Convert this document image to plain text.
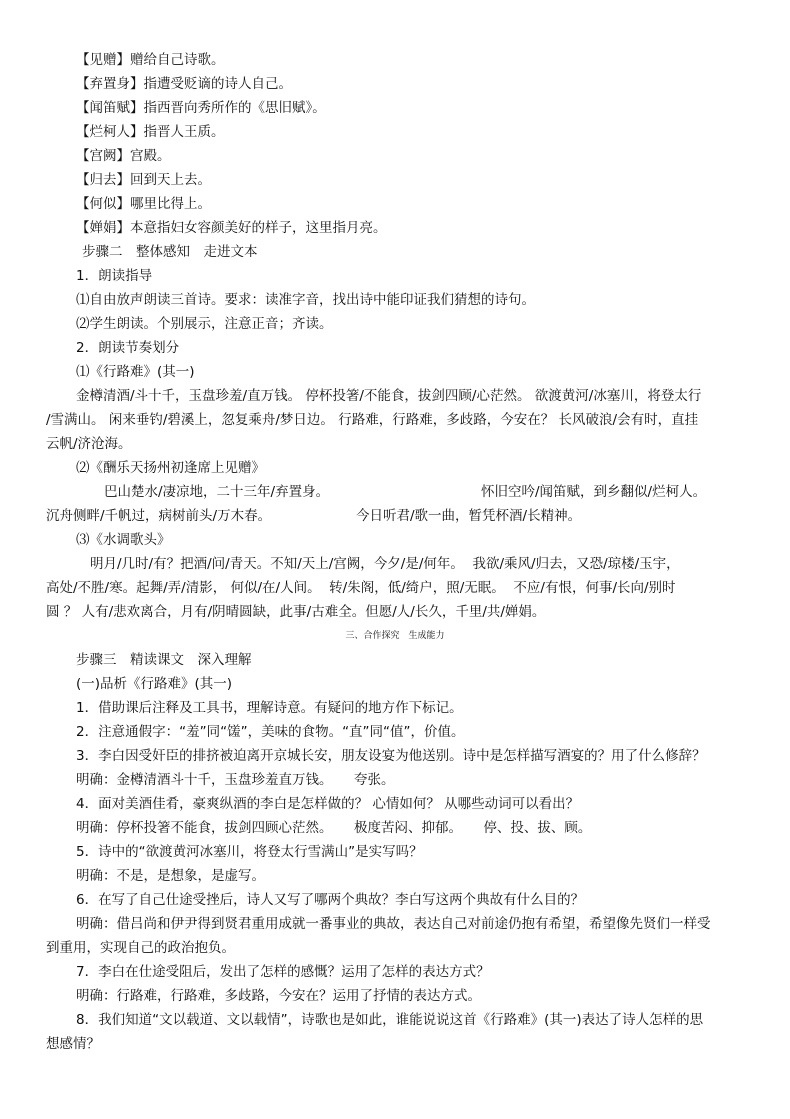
【见赠】赠给自己诗歌。
【弃置身】指遭受贬谪的诗人自己。
【闻笛赋】指西晋向秀所作的《思旧赋》。
【烂柯人】指晋人王质。
【宫阙】宫殿。
【归去】回到天上去。
【何似】哪里比得上。
【婵娟】本意指妇女容颜美好的样子，这里指月亮。
步骤二　整体感知　走进文本
1．朗读指导
⑴自由放声朗读三首诗。要求：读准字音，找出诗中能印证我们猜想的诗句。
⑵学生朗读。个别展示，注意正音；齐读。
2．朗读节奏划分
⑴《行路难》(其一)
金樽清酒/斗十千，玉盘珍羞/直万钱。 停杯投箸/不能食，拔剑四顾/心茫然。 欲渡黄河/冰塞川，将登太行
/雪满山。 闲来垂钓/碧溪上，忽复乘舟/梦日边。 行路难，行路难，多歧路，今安在？ 长风破浪/会有时，直挂
云帆/济沧海。
⑵《酬乐天扬州初逢席上见赠》
巴山楚水/凄凉地，二十三年/弃置身。	怀旧空吟/闻笛赋，到乡翻似/烂柯人。
沉舟侧畔/千帆过，病树前头/万木春。	今日听君/歌一曲，暂凭杯酒/长精神。
⑶《水调歌头》
明月/几时/有？把酒/问/青天。不知/天上/宫阙，今夕/是/何年。  我欲/乘风/归去，又恐/琼楼/玉宇，
高处/不胜/寒。起舞/弄/清影， 何似/在/人间。  转/朱阁，低/绮户，照/无眠。  不应/有恨，何事/长向/别时
圆 ？ 人有/悲欢离合，月有/阴晴圆缺，此事/古难全。但愿/人/长久，千里/共/婵娟。
三、合作探究　生成能力
步骤三　精读课文　深入理解
(一)品析《行路难》(其一)
1．借助课后注释及工具书，理解诗意。有疑问的地方作下标记。
2．注意通假字：“羞”同“馐”，美味的食物。“直”同“值”，价值。
3．李白因受奸臣的排挤被迫离开京城长安，朋友设宴为他送别。诗中是怎样描写酒宴的？用了什么修辞？
明确：金樽清酒斗十千，玉盘珍羞直万钱。     夸张。
4．面对美酒佳肴，豪爽纵酒的李白是怎样做的？ 心情如何？ 从哪些动词可以看出？
明确：停杯投箸不能食，拔剑四顾心茫然。     极度苦闷、抑郁。     停、投、拔、顾。
5．诗中的“欲渡黄河冰塞川，将登太行雪满山”是实写吗？
明确：不是，是想象，是虚写。
6．在写了自己仕途受挫后，诗人又写了哪两个典故？李白写这两个典故有什么目的？
明确：借吕尚和伊尹得到贤君重用成就一番事业的典故，表达自己对前途仍抱有希望，希望像先贤们一样受
到重用，实现自己的政治抱负。
7．李白在仕途受阻后，发出了怎样的感慨？运用了怎样的表达方式？
明确：行路难，行路难，多歧路，今安在？运用了抒情的表达方式。
8．我们知道“文以载道、文以载情”，诗歌也是如此，谁能说说这首《行路难》(其一)表达了诗人怎样的思
想感情？
